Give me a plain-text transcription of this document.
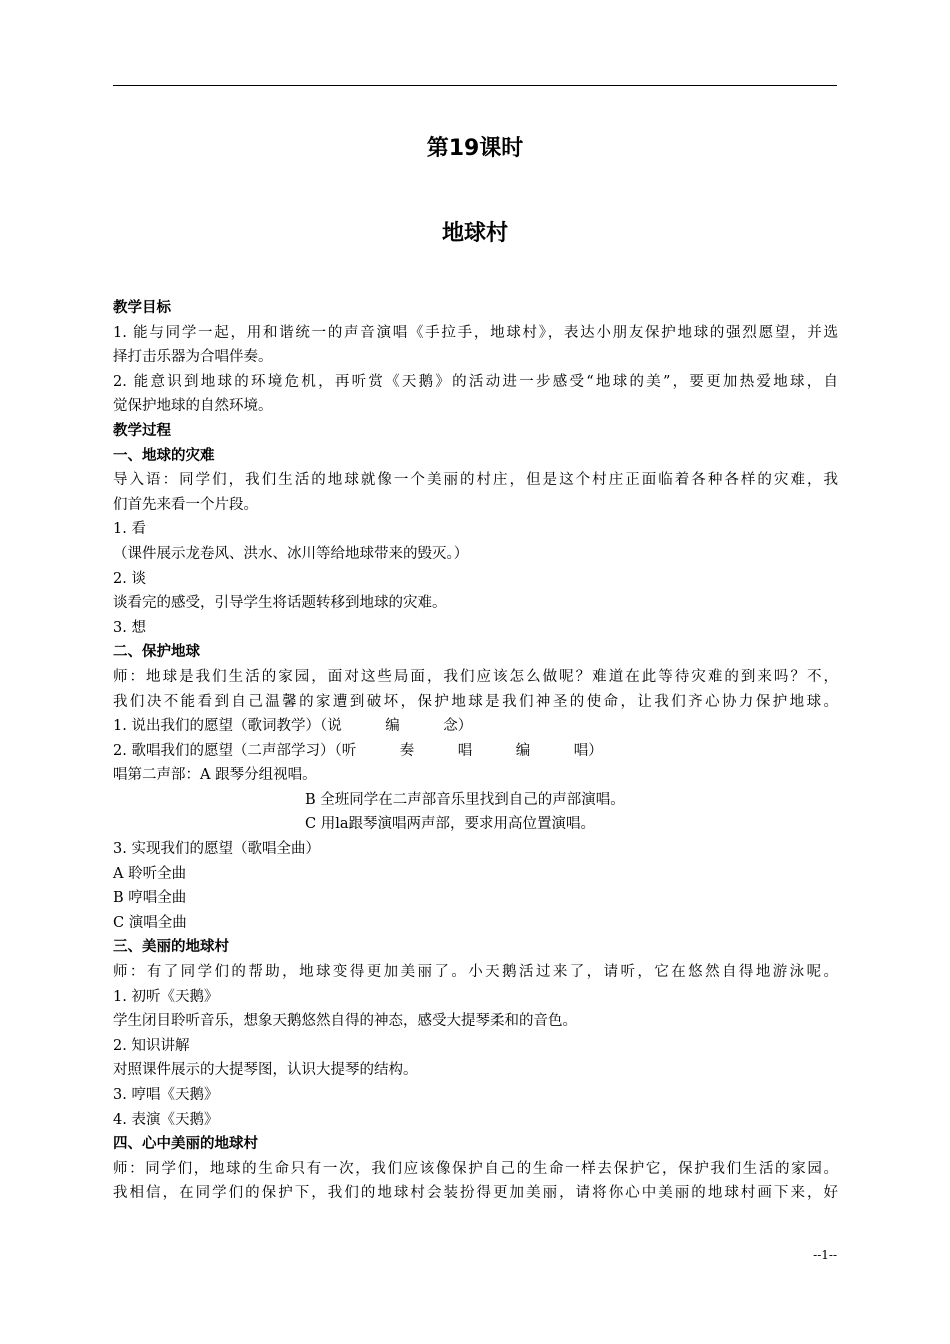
第19课时
地球村
教学目标
1. 能与同学一起，用和谐统一的声音演唱《手拉手，地球村》，表达小朋友保护地球的强烈愿望，并选
择打击乐器为合唱伴奏。
2. 能意识到地球的环境危机，再听赏《天鹅》的活动进一步感受“地球的美”，要更加热爱地球，自
觉保护地球的自然环境。
教学过程
一、地球的灾难
导入语：同学们，我们生活的地球就像一个美丽的村庄，但是这个村庄正面临着各种各样的灾难，我
们首先来看一个片段。
1. 看
（课件展示龙卷风、洪水、冰川等给地球带来的毁灭。）
2. 谈
谈看完的感受，引导学生将话题转移到地球的灾难。
3. 想
二、保护地球
师：地球是我们生活的家园，面对这些局面，我们应该怎么做呢？难道在此等待灾难的到来吗？不，
我们决不能看到自己温馨的家遭到破坏，保护地球是我们神圣的使命，让我们齐心协力保护地球。
1. 说出我们的愿望（歌词教学）（说　　　编　　　念）
2. 歌唱我们的愿望（二声部学习）（听　　　奏　　　唱　　　编　　　唱）
唱第二声部：A 跟琴分组视唱。
B 全班同学在二声部音乐里找到自己的声部演唱。
C 用la跟琴演唱两声部，要求用高位置演唱。
3. 实现我们的愿望（歌唱全曲）
A 聆听全曲
B 哼唱全曲
C 演唱全曲
三、美丽的地球村
师：有了同学们的帮助，地球变得更加美丽了。小天鹅活过来了，请听，它在悠然自得地游泳呢。
1. 初听《天鹅》
学生闭目聆听音乐，想象天鹅悠然自得的神态，感受大提琴柔和的音色。
2. 知识讲解
对照课件展示的大提琴图，认识大提琴的结构。
3. 哼唱《天鹅》
4. 表演《天鹅》
四、心中美丽的地球村
师：同学们，地球的生命只有一次，我们应该像保护自己的生命一样去保护它，保护我们生活的家园。
我相信，在同学们的保护下，我们的地球村会装扮得更加美丽，请将你心中美丽的地球村画下来，好
--1--
